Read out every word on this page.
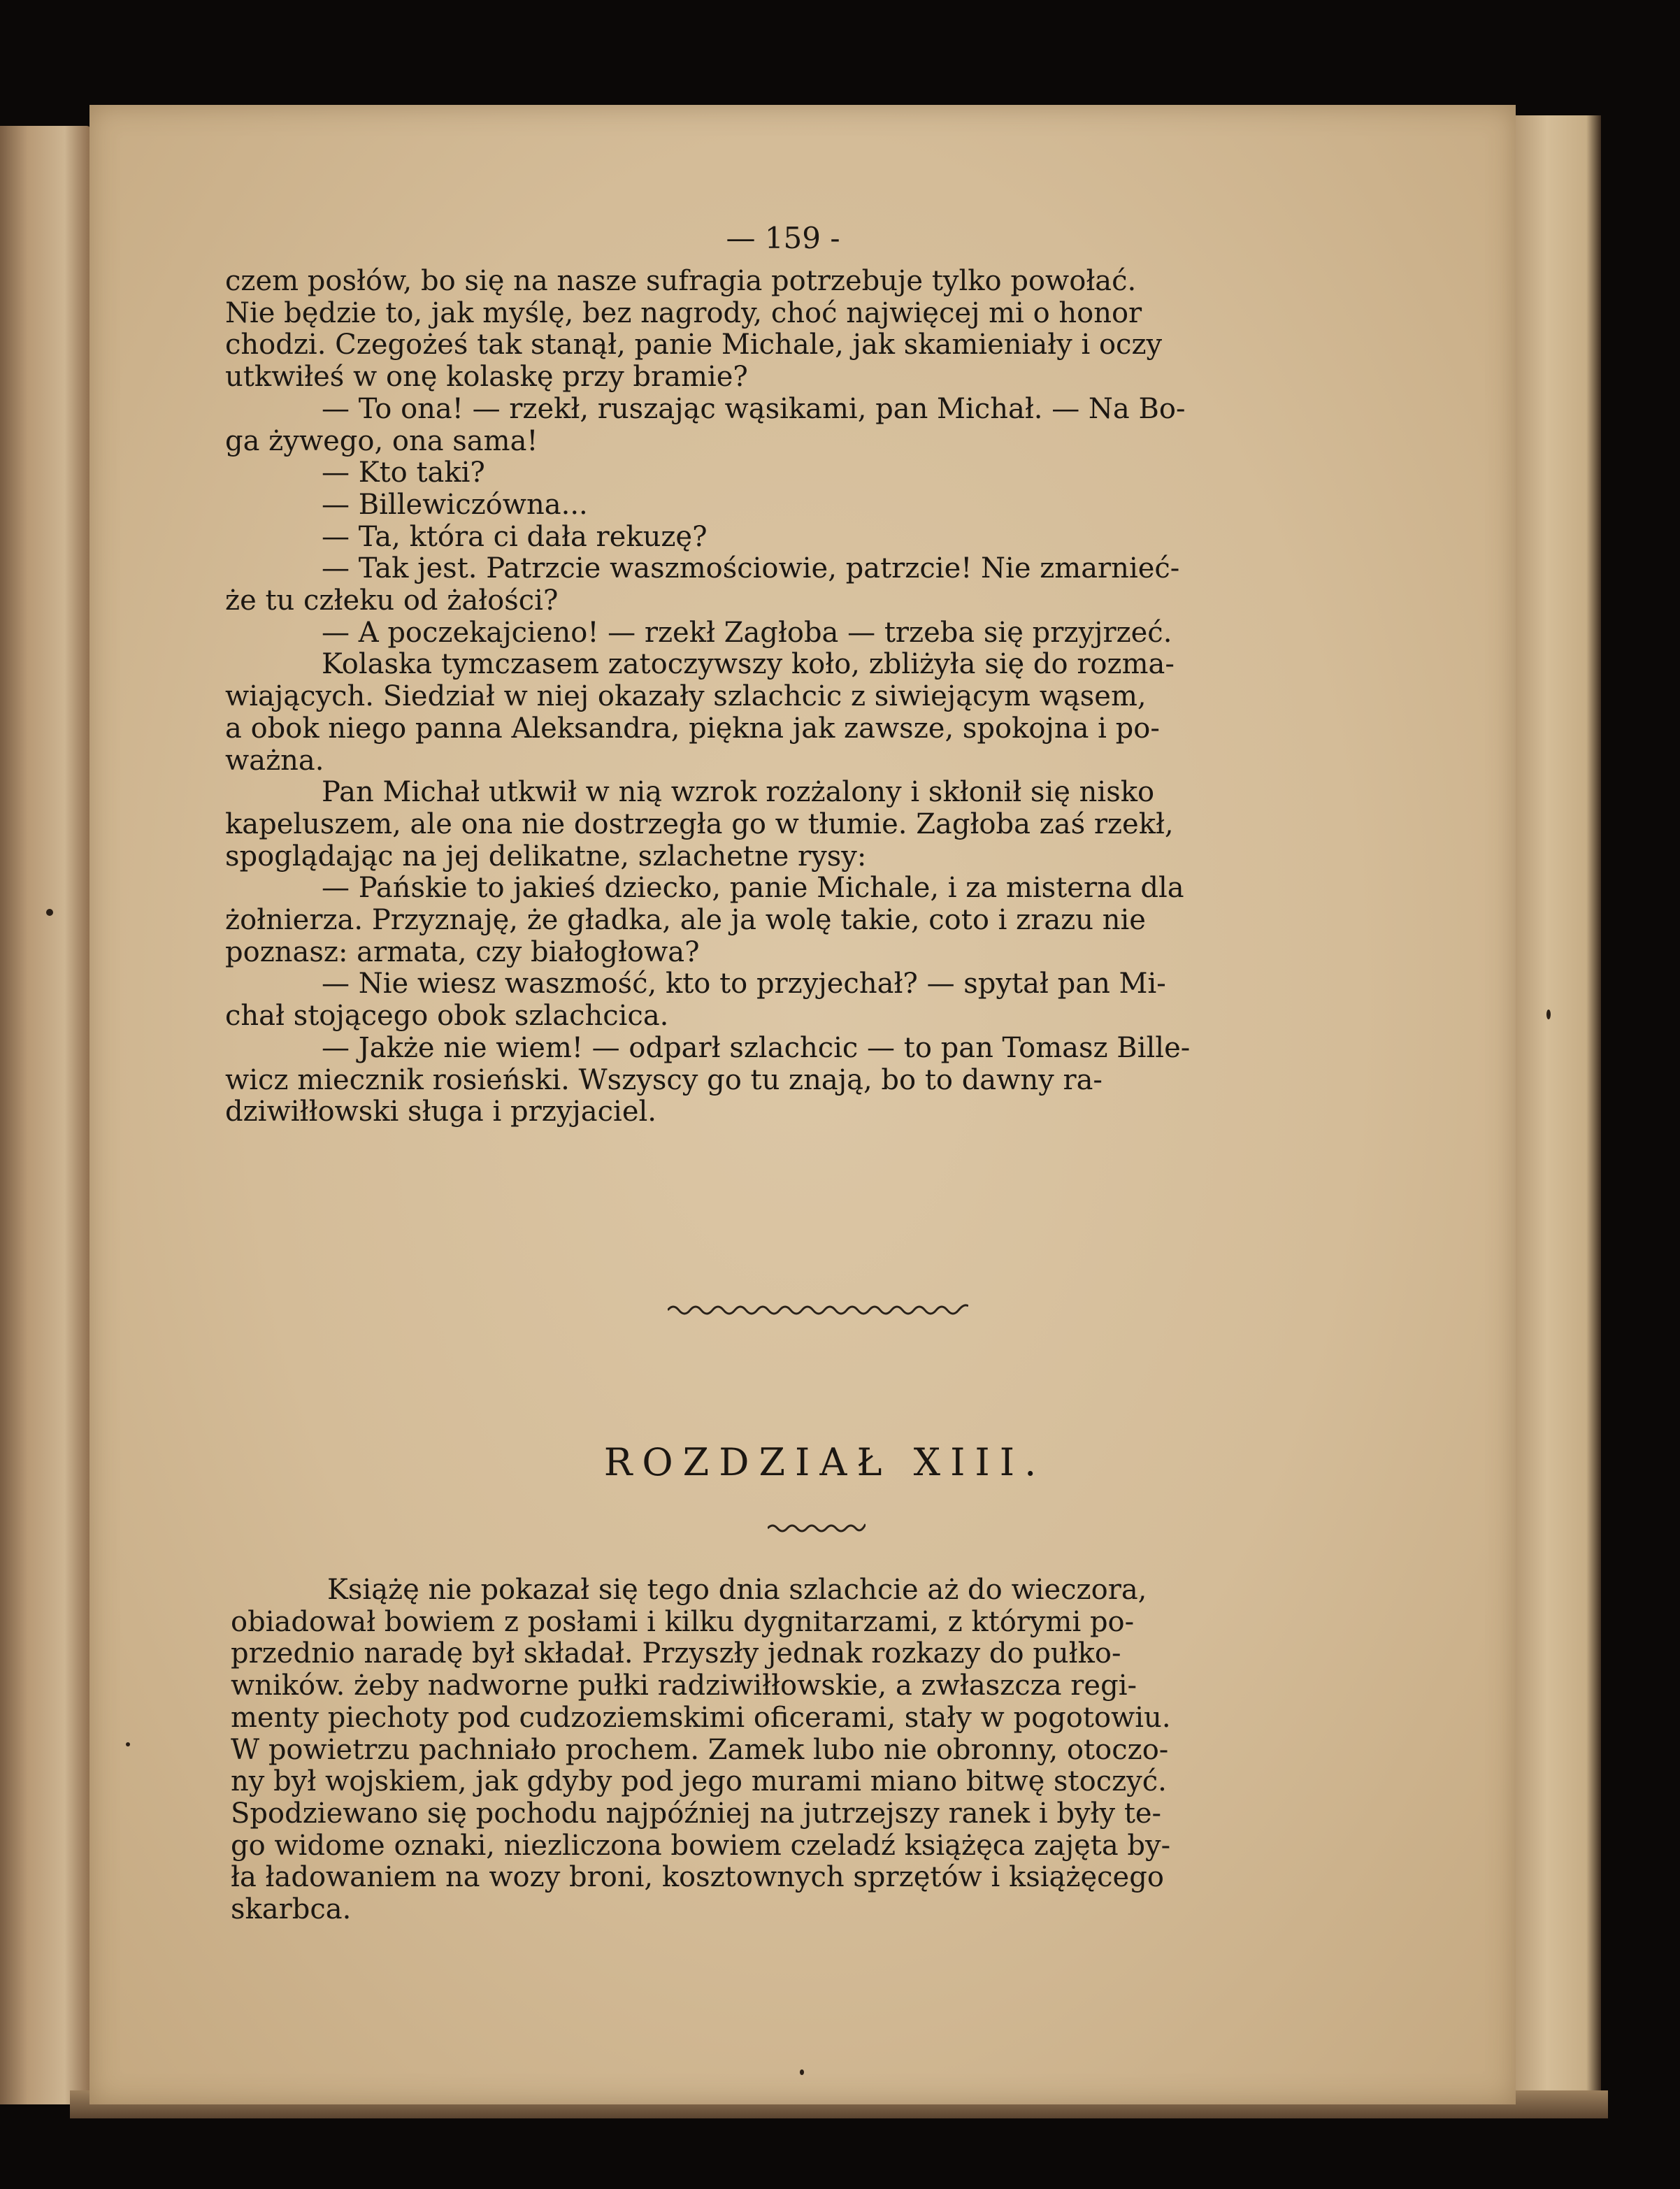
— 159 -
czem posłów, bo się na nasze sufragia potrzebuje tylko powołać.
Nie będzie to, jak myślę, bez nagrody, choć najwięcej mi o honor
chodzi. Czegożeś tak stanął, panie Michale, jak skamieniały i oczy
utkwiłeś w onę kolaskę przy bramie?
— To ona! — rzekł, ruszając wąsikami, pan Michał. — Na Bo-
ga żywego, ona sama!
— Kto taki?
— Billewiczówna...
— Ta, która ci dała rekuzę?
— Tak jest. Patrzcie waszmościowie, patrzcie! Nie zmarnieć-
że tu człeku od żałości?
— A poczekajcieno! — rzekł Zagłoba — trzeba się przyjrzeć.
Kolaska tymczasem zatoczywszy koło, zbliżyła się do rozma-
wiających. Siedział w niej okazały szlachcic z siwiejącym wąsem,
a obok niego panna Aleksandra, piękna jak zawsze, spokojna i po-
ważna.
Pan Michał utkwił w nią wzrok rozżalony i skłonił się nisko
kapeluszem, ale ona nie dostrzegła go w tłumie. Zagłoba zaś rzekł,
spoglądając na jej delikatne, szlachetne rysy:
— Pańskie to jakieś dziecko, panie Michale, i za misterna dla
żołnierza. Przyznaję, że gładka, ale ja wolę takie, coto i zrazu nie
poznasz: armata, czy białogłowa?
— Nie wiesz waszmość, kto to przyjechał? — spytał pan Mi-
chał stojącego obok szlachcica.
— Jakże nie wiem! — odparł szlachcic — to pan Tomasz Bille-
wicz miecznik rosieński. Wszyscy go tu znają, bo to dawny ra-
dziwiłłowski sługa i przyjaciel.
ROZDZIAŁ XIII.
Książę nie pokazał się tego dnia szlachcie aż do wieczora,
obiadował bowiem z posłami i kilku dygnitarzami, z którymi po-
przednio naradę był składał. Przyszły jednak rozkazy do pułko-
wników. żeby nadworne pułki radziwiłłowskie, a zwłaszcza regi-
menty piechoty pod cudzoziemskimi oficerami, stały w pogotowiu.
W powietrzu pachniało prochem. Zamek lubo nie obronny, otoczo-
ny był wojskiem, jak gdyby pod jego murami miano bitwę stoczyć.
Spodziewano się pochodu najpóźniej na jutrzejszy ranek i były te-
go widome oznaki, niezliczona bowiem czeladź książęca zajęta by-
ła ładowaniem na wozy broni, kosztownych sprzętów i książęcego
skarbca.
